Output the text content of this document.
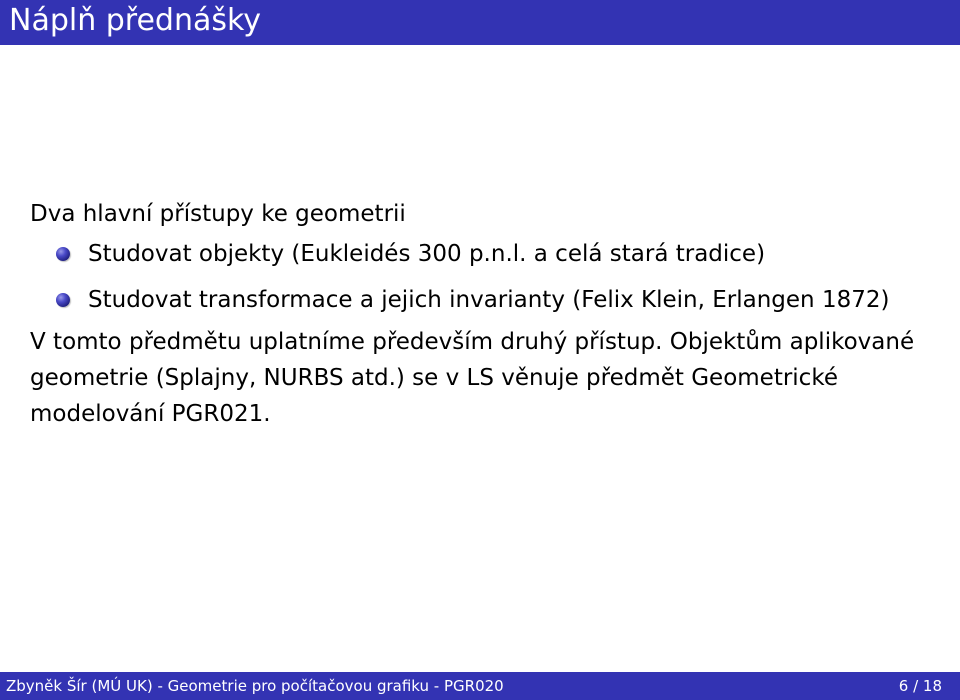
Náplň přednášky
Dva hlavní přístupy ke geometrii
Studovat objekty (Eukleidés 300 p.n.l. a celá stará tradice)
Studovat transformace a jejich invarianty (Felix Klein, Erlangen 1872)
V tomto předmětu uplatníme především druhý přístup. Objektům aplikované geometrie (Splajny, NURBS atd.) se v LS věnuje předmět Geometrické modelování PGR021.
Zbyněk Šír (MÚ UK) - Geometrie pro počítačovou grafiku - PGR020	6 / 18
